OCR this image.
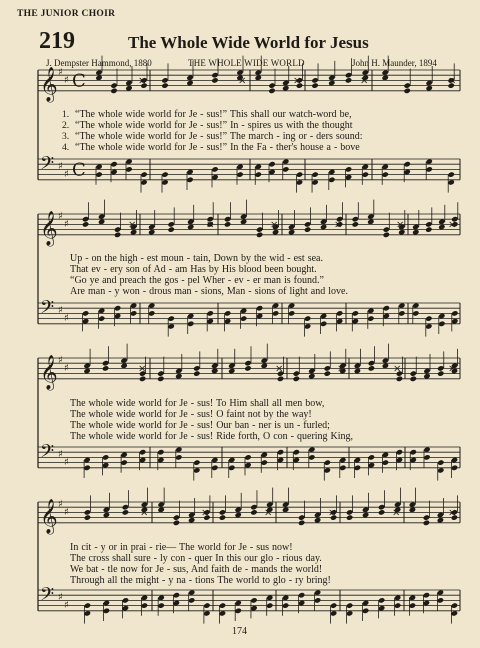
THE JUNIOR CHOIR
219	The Whole Wide World for Jesus
J. Dempster Hammond, 1880	THE WHOLE WIDE WORLD	John H. Maunder, 1894
𝄞 ♯
♯ C
𝄢 ♯
♯ C
×	×	×	×	×
𝄞 ♯
♯
𝄢 ♯
♯
×	×	×	×	×	×
𝄞 ♯
♯
𝄢 ♯
♯
×	×	×	×	×	×
𝄞 ♯
♯
𝄢 ♯
♯
×	×	×	×	×	×
1.
2.
3.
4.
“The whole wide world for Je - sus!” This shall our watch-word be,
“The whole wide world for Je - sus!” In - spires us with the thought
“The whole wide world for Je - sus!” The march - ing or - ders sound:
“The whole wide world for Je - sus!” In the Fa - ther's house a - bove
Up - on the high - est moun - tain, Down by the wid - est sea.
That ev - ery son of Ad - am Has by His blood been bought.
“Go ye and preach the gos - pel Wher - ev - er man is found.”
Are man - y won - drous man - sions, Man - sions of light and love.
The whole wide world for Je - sus! To Him shall all men bow,
The whole wide world for Je - sus! O faint not by the way!
The whole wide world for Je - sus! Our ban - ner is un - furled;
The whole wide world for Je - sus! Ride forth, O con - quering King,
In cit - y or in prai - rie— The world for Je - sus now!
The cross shall sure - ly con - quer In this our glo - rious day.
We bat - tle now for Je - sus, And faith de - mands the world!
Through all the might - y na - tions The world to glo - ry bring!
174
